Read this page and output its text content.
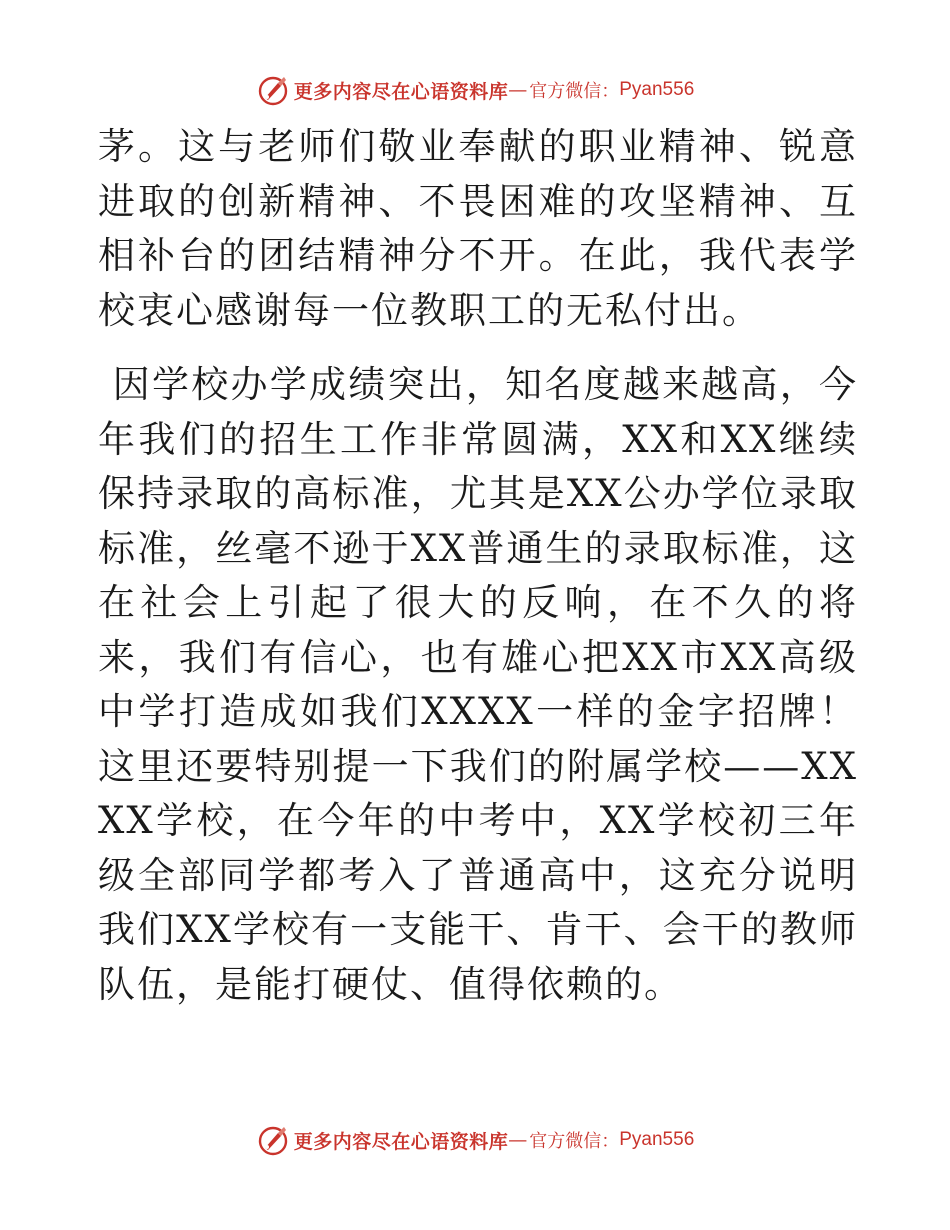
更多内容尽在心语资料库 — 官方微信： Pyan556

茅。这与老师们敬业奉献的职业精神、锐意进取的创新精神、不畏困难的攻坚精神、互相补台的团结精神分不开。在此，我代表学校衷心感谢每一位教职工的无私付出。

因学校办学成绩突出，知名度越来越高，今年我们的招生工作非常圆满，XX和XX继续保持录取的高标准，尤其是XX公办学位录取标准，丝毫不逊于XX普通生的录取标准，这在社会上引起了很大的反响，在不久的将来，我们有信心，也有雄心把XX市XX高级中学打造成如我们XXXX一样的金字招牌！这里还要特别提一下我们的附属学校——XXXX学校，在今年的中考中，XX学校初三年级全部同学都考入了普通高中，这充分说明我们XX学校有一支能干、肯干、会干的教师队伍，是能打硬仗、值得依赖的。

更多内容尽在心语资料库 — 官方微信： Pyan556
